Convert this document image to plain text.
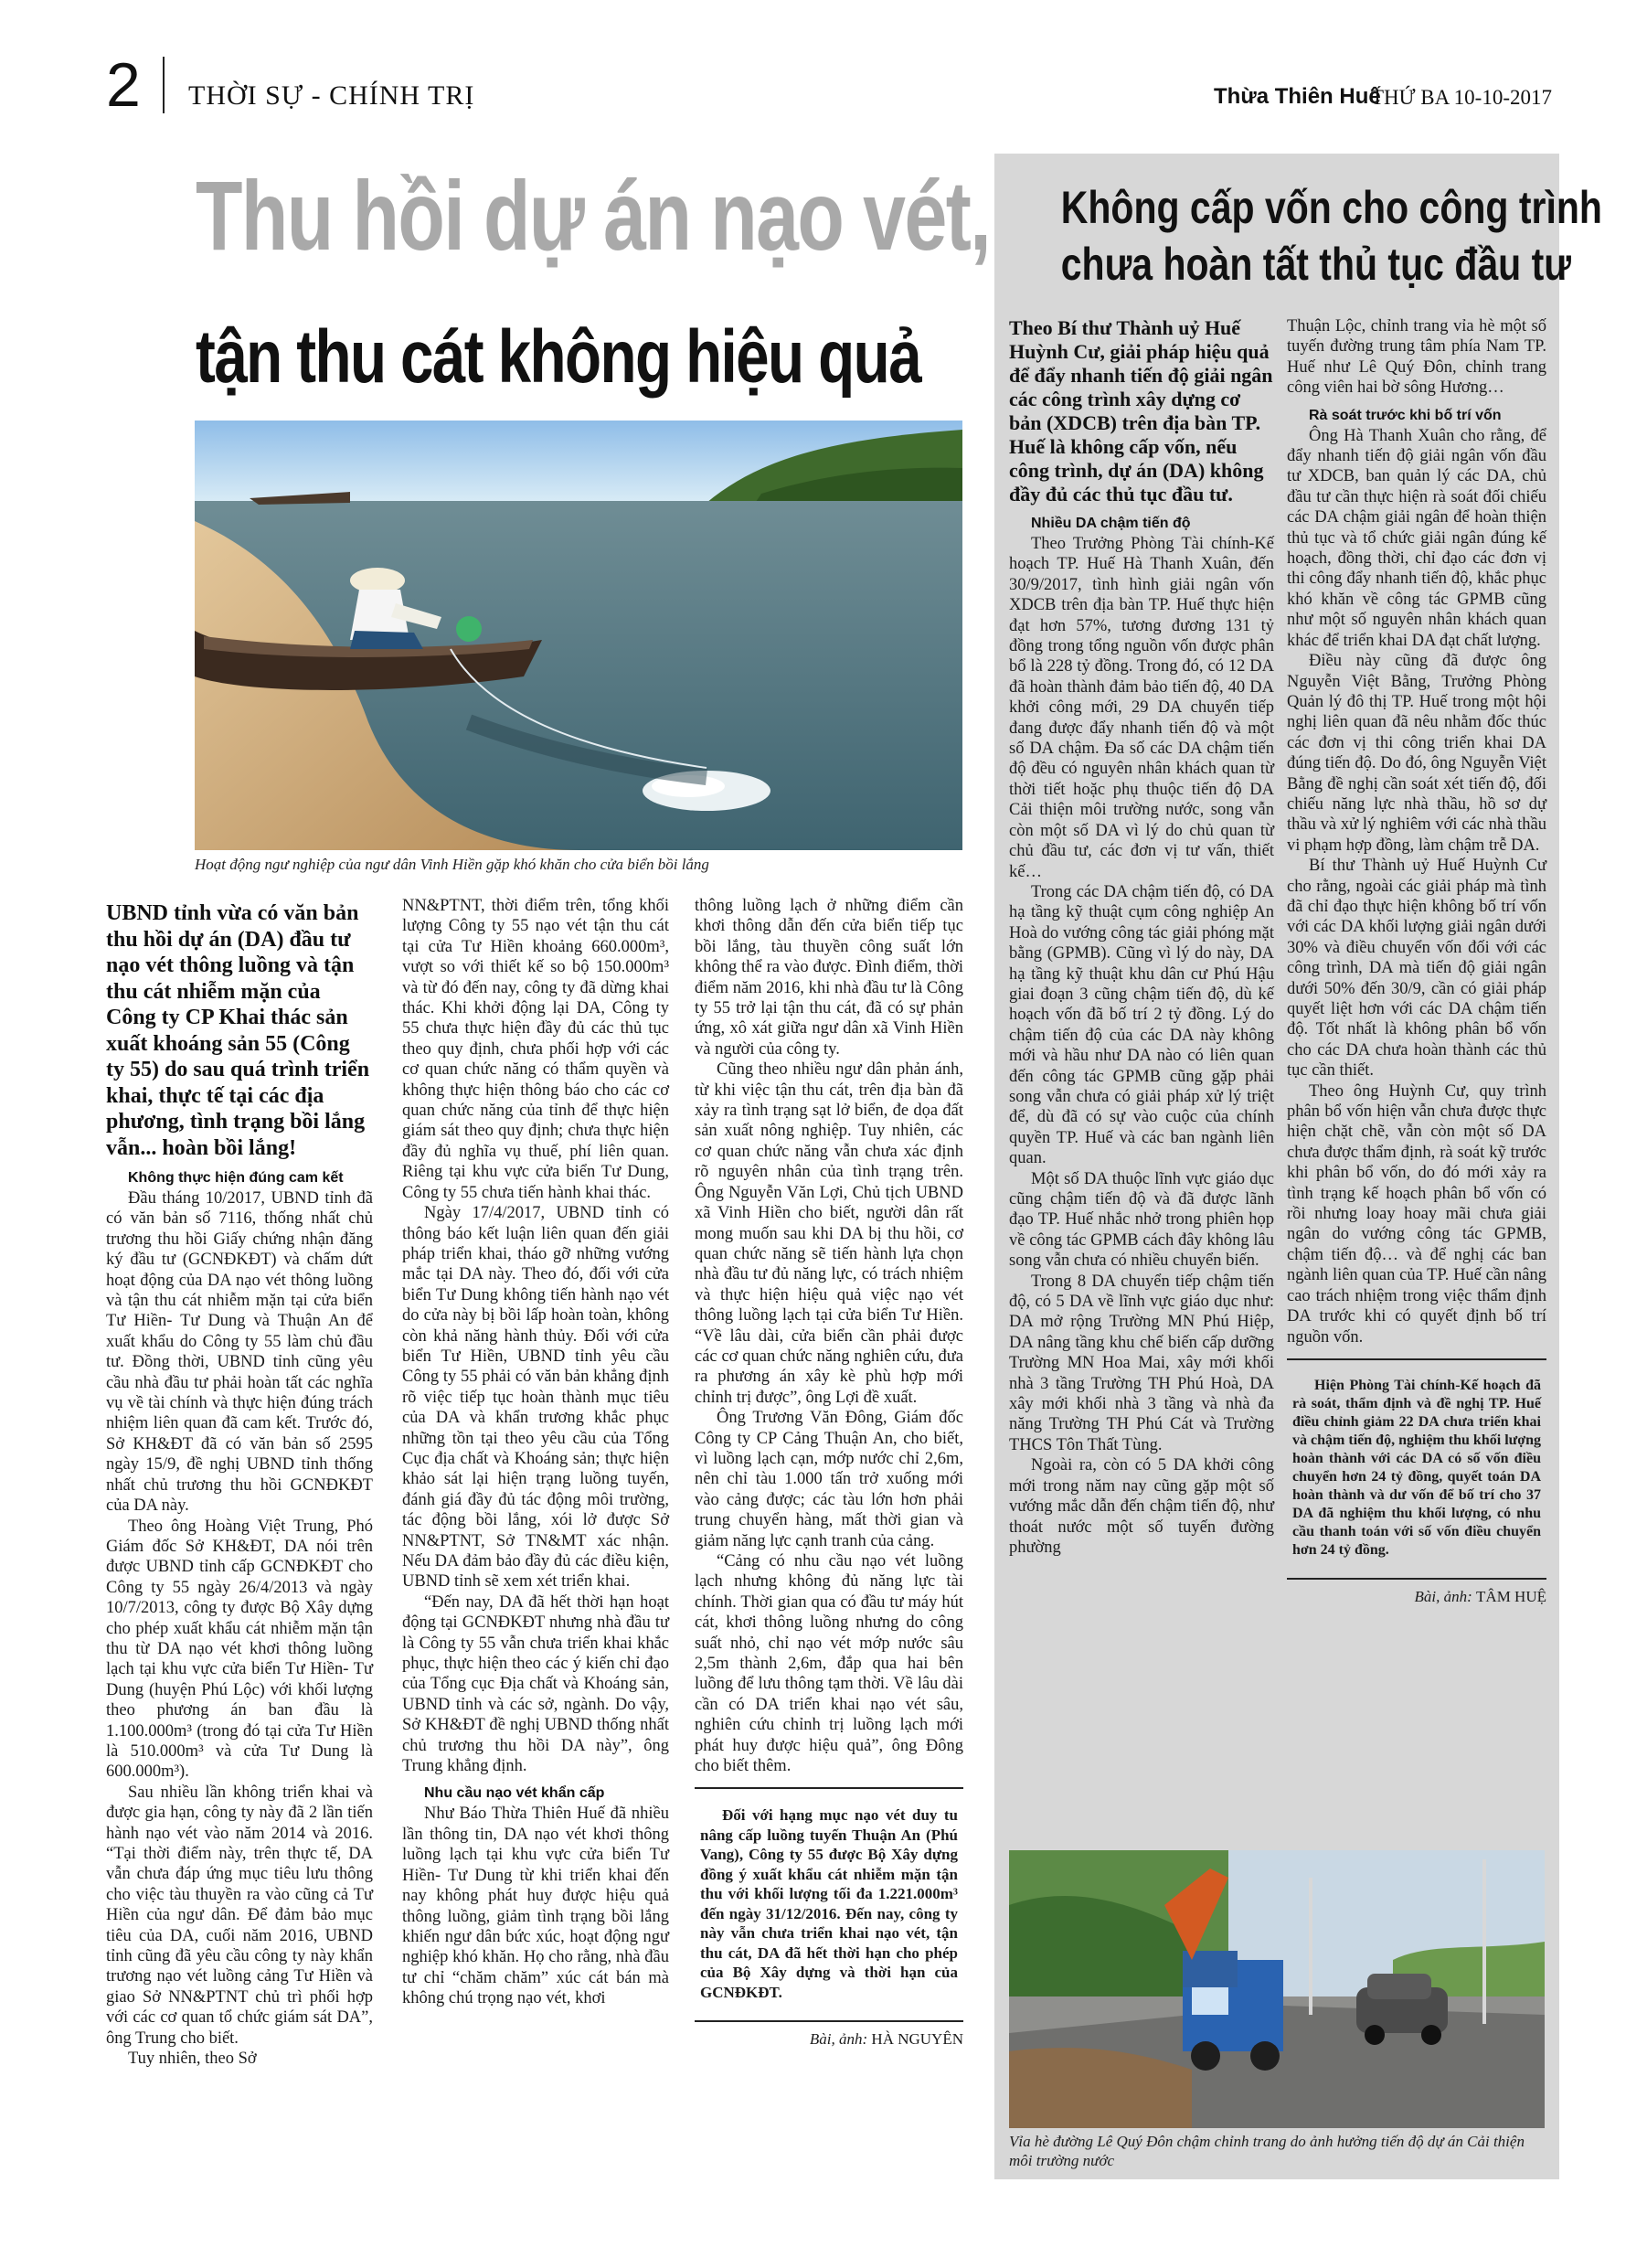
2 THỜI SỰ - CHÍNH TRỊ	Thừa Thiên Huế
THỨ BA 10-10-2017
Thu hồi dự án nạo vét,
tận thu cát không hiệu quả
Hoạt động ngư nghiệp của ngư dân Vinh Hiền gặp khó khăn cho cửa biển bồi lắng

UBND tỉnh vừa có văn bản thu hồi dự án (DA) đầu tư nạo vét thông luồng và tận thu cát nhiễm mặn của Công ty CP Khai thác sản xuất khoáng sản 55 (Công ty 55) do sau quá trình triển khai, thực tế tại các địa phương, tình trạng bồi lắng vẫn... hoàn bồi lắng!

Không thực hiện đúng cam kết

Đầu tháng 10/2017, UBND tỉnh đã có văn bản số 7116, thống nhất chủ trương thu hồi Giấy chứng nhận đăng ký đầu tư (GCNĐKĐT) và chấm dứt hoạt động của DA nạo vét thông luồng và tận thu cát nhiễm mặn tại cửa biển Tư Hiền- Tư Dung và Thuận An để xuất khẩu do Công ty 55 làm chủ đầu tư. Đồng thời, UBND tỉnh cũng yêu cầu nhà đầu tư phải hoàn tất các nghĩa vụ về tài chính và thực hiện đúng trách nhiệm liên quan đã cam kết. Trước đó, Sở KH&ĐT đã có văn bản số 2595 ngày 15/9, đề nghị UBND tỉnh thống nhất chủ trương thu hồi GCNĐKĐT của DA này.

Theo ông Hoàng Việt Trung, Phó Giám đốc Sở KH&ĐT, DA nói trên được UBND tỉnh cấp GCNĐKĐT cho Công ty 55 ngày 26/4/2013 và ngày 10/7/2013, công ty được Bộ Xây dựng cho phép xuất khẩu cát nhiễm mặn tận thu từ DA nạo vét khơi thông luồng lạch tại khu vực cửa biển Tư Hiền- Tư Dung (huyện Phú Lộc) với khối lượng theo phương án ban đầu là 1.100.000m³ (trong đó tại cửa Tư Hiền là 510.000m³ và cửa Tư Dung là 600.000m³).

Sau nhiều lần không triển khai và được gia hạn, công ty này đã 2 lần tiến hành nạo vét vào năm 2014 và 2016. “Tại thời điểm này, trên thực tế, DA vẫn chưa đáp ứng mục tiêu lưu thông cho việc tàu thuyền ra vào cũng cả Tư Hiền của ngư dân. Để đảm bảo mục tiêu của DA, cuối năm 2016, UBND tỉnh cũng đã yêu cầu công ty này khẩn trương nạo vét luồng cảng Tư Hiền và giao Sở NN&PTNT chủ trì phối hợp với các cơ quan tổ chức giám sát DA”, ông Trung cho biết.

Tuy nhiên, theo Sở

NN&PTNT, thời điểm trên, tổng khối lượng Công ty 55 nạo vét tận thu cát tại cửa Tư Hiền khoảng 660.000m³, vượt so với thiết kế so bộ 150.000m³ và từ đó đến nay, công ty đã dừng khai thác. Khi khởi động lại DA, Công ty 55 chưa thực hiện đầy đủ các thủ tục theo quy định, chưa phối hợp với các cơ quan chức năng có thẩm quyền và không thực hiện thông báo cho các cơ quan chức năng của tỉnh để thực hiện giám sát theo quy định; chưa thực hiện đầy đủ nghĩa vụ thuế, phí liên quan. Riêng tại khu vực cửa biển Tư Dung, Công ty 55 chưa tiến hành khai thác.

Ngày 17/4/2017, UBND tỉnh có thông báo kết luận liên quan đến giải pháp triển khai, tháo gỡ những vướng mắc tại DA này. Theo đó, đối với cửa biển Tư Dung không tiến hành nạo vét do cửa này bị bồi lấp hoàn toàn, không còn khả năng hành thủy. Đối với cửa biển Tư Hiền, UBND tỉnh yêu cầu Công ty 55 phải có văn bản khẳng định rõ việc tiếp tục hoàn thành mục tiêu của DA và khẩn trương khắc phục những tồn tại theo yêu cầu của Tổng Cục địa chất và Khoáng sản; thực hiện khảo sát lại hiện trạng luồng tuyến, đánh giá đầy đủ tác động môi trường, tác động bồi lắng, xói lở được Sở NN&PTNT, Sở TN&MT xác nhận. Nếu DA đảm bảo đầy đủ các điều kiện, UBND tỉnh sẽ xem xét triển khai.

“Đến nay, DA đã hết thời hạn hoạt động tại GCNĐKĐT nhưng nhà đầu tư là Công ty 55 vẫn chưa triển khai khắc phục, thực hiện theo các ý kiến chỉ đạo của Tổng cục Địa chất và Khoáng sản, UBND tỉnh và các sở, ngành. Do vậy, Sở KH&ĐT đề nghị UBND thống nhất chủ trương thu hồi DA này”, ông Trung khẳng định.

Nhu cầu nạo vét khẩn cấp

Như Báo Thừa Thiên Huế đã nhiều lần thông tin, DA nạo vét khơi thông luồng lạch tại khu vực cửa biển Tư Hiền- Tư Dung từ khi triển khai đến nay không phát huy được hiệu quả thông luồng, giảm tình trạng bồi lắng khiến ngư dân bức xúc, hoạt động ngư nghiệp khó khăn. Họ cho rằng, nhà đầu tư chỉ “chăm chăm” xúc cát bán mà không chú trọng nạo vét, khơi

thông luồng lạch ở những điểm cần khơi thông dẫn đến cửa biển tiếp tục bồi lắng, tàu thuyền công suất lớn không thể ra vào được. Đình điểm, thời điểm năm 2016, khi nhà đầu tư là Công ty 55 trở lại tận thu cát, đã có sự phản ứng, xô xát giữa ngư dân xã Vinh Hiền và người của công ty.

Cũng theo nhiều ngư dân phản ánh, từ khi việc tận thu cát, trên địa bàn đã xảy ra tình trạng sạt lở biển, đe dọa đất sản xuất nông nghiệp. Tuy nhiên, các cơ quan chức năng vẫn chưa xác định rõ nguyên nhân của tình trạng trên. Ông Nguyễn Văn Lợi, Chủ tịch UBND xã Vinh Hiền cho biết, người dân rất mong muốn sau khi DA bị thu hồi, cơ quan chức năng sẽ tiến hành lựa chọn nhà đầu tư đủ năng lực, có trách nhiệm và thực hiện hiệu quả việc nạo vét thông luồng lạch tại cửa biển Tư Hiền. “Về lâu dài, cửa biển cần phải được các cơ quan chức năng nghiên cứu, đưa ra phương án xây kè phù hợp mới chỉnh trị được”, ông Lợi đề xuất.

Ông Trương Văn Đông, Giám đốc Công ty CP Cảng Thuận An, cho biết, vì luồng lạch cạn, mớp nước chỉ 2,6m, nên chỉ tàu 1.000 tấn trở xuống mới vào cảng được; các tàu lớn hơn phải trung chuyển hàng, mất thời gian và giảm năng lực cạnh tranh của cảng.

“Cảng có nhu cầu nạo vét luồng lạch nhưng không đủ năng lực tài chính. Thời gian qua có đầu tư máy hút cát, khơi thông luồng nhưng do công suất nhỏ, chỉ nạo vét mớp nước sâu 2,5m thành 2,6m, đắp qua hai bên luồng để lưu thông tạm thời. Về lâu dài cần có DA triển khai nạo vét sâu, nghiên cứu chỉnh trị luồng lạch mới phát huy được hiệu quả”, ông Đông cho biết thêm.

Đối với hạng mục nạo vét duy tu nâng cấp luồng tuyến Thuận An (Phú Vang), Công ty 55 được Bộ Xây dựng đồng ý xuất khẩu cát nhiễm mặn tận thu với khối lượng tối đa 1.221.000m³ đến ngày 31/12/2016. Đến nay, công ty này vẫn chưa triển khai nạo vét, tận thu cát, DA đã hết thời hạn cho phép của Bộ Xây dựng và thời hạn của GCNĐKĐT.

Bài, ảnh: HÀ NGUYÊN
Không cấp vốn cho công trình
chưa hoàn tất thủ tục đầu tư

Theo Bí thư Thành uỷ Huế Huỳnh Cư, giải pháp hiệu quả để đẩy nhanh tiến độ giải ngân các công trình xây dựng cơ bản (XDCB) trên địa bàn TP. Huế là không cấp vốn, nếu công trình, dự án (DA) không đầy đủ các thủ tục đầu tư.

Nhiều DA chậm tiến độ

Theo Trưởng Phòng Tài chính-Kế hoạch TP. Huế Hà Thanh Xuân, đến 30/9/2017, tình hình giải ngân vốn XDCB trên địa bàn TP. Huế thực hiện đạt hơn 57%, tương đương 131 tỷ đồng trong tổng nguồn vốn được phân bổ là 228 tỷ đồng. Trong đó, có 12 DA đã hoàn thành đảm bảo tiến độ, 40 DA khởi công mới, 29 DA chuyển tiếp đang được đẩy nhanh tiến độ và một số DA chậm. Đa số các DA chậm tiến độ đều có nguyên nhân khách quan từ thời tiết hoặc phụ thuộc tiến độ DA Cải thiện môi trường nước, song vẫn còn một số DA vì lý do chủ quan từ chủ đầu tư, các đơn vị tư vấn, thiết kế…

Trong các DA chậm tiến độ, có DA hạ tầng kỹ thuật cụm công nghiệp An Hoà do vướng công tác giải phóng mặt bằng (GPMB). Cũng vì lý do này, DA hạ tầng kỹ thuật khu dân cư Phú Hậu giai đoạn 3 cũng chậm tiến độ, dù kế hoạch vốn đã bố trí 2 tỷ đồng. Lý do chậm tiến độ của các DA này không mới và hầu như DA nào có liên quan đến công tác GPMB cũng gặp phải song vẫn chưa có giải pháp xử lý triệt để, dù đã có sự vào cuộc của chính quyền TP. Huế và các ban ngành liên quan.

Một số DA thuộc lĩnh vực giáo dục cũng chậm tiến độ và đã được lãnh đạo TP. Huế nhắc nhở trong phiên họp về công tác GPMB cách đây không lâu song vẫn chưa có nhiều chuyển biến.

Trong 8 DA chuyển tiếp chậm tiến độ, có 5 DA về lĩnh vực giáo dục như: DA mở rộng Trường MN Phú Hiệp, DA nâng tầng khu chế biến cấp dưỡng Trường MN Hoa Mai, xây mới khối nhà 3 tầng Trường TH Phú Hoà, DA xây mới khối nhà 3 tầng và nhà đa năng Trường TH Phú Cát và Trường THCS Tôn Thất Tùng.

Ngoài ra, còn có 5 DA khởi công mới trong năm nay cũng gặp một số vướng mắc dẫn đến chậm tiến độ, như thoát nước một số tuyến đường phường

Thuận Lộc, chỉnh trang vỉa hè một số tuyến đường trung tâm phía Nam TP. Huế như Lê Quý Đôn, chỉnh trang công viên hai bờ sông Hương…

Rà soát trước khi bố trí vốn

Ông Hà Thanh Xuân cho rằng, để đẩy nhanh tiến độ giải ngân vốn đầu tư XDCB, ban quản lý các DA, chủ đầu tư cần thực hiện rà soát đối chiếu các DA chậm giải ngân để hoàn thiện thủ tục và tổ chức giải ngân đúng kế hoạch, đồng thời, chỉ đạo các đơn vị thi công đẩy nhanh tiến độ, khắc phục khó khăn về công tác GPMB cũng như một số nguyên nhân khách quan khác để triển khai DA đạt chất lượng.

Điều này cũng đã được ông Nguyễn Việt Bằng, Trưởng Phòng Quản lý đô thị TP. Huế trong một hội nghị liên quan đã nêu nhằm đốc thúc các đơn vị thi công triển khai DA đúng tiến độ. Do đó, ông Nguyễn Việt Bằng đề nghị cần soát xét tiến độ, đối chiếu năng lực nhà thầu, hồ sơ dự thầu và xử lý nghiêm với các nhà thầu vi phạm hợp đồng, làm chậm trễ DA.

Bí thư Thành uỷ Huế Huỳnh Cư cho rằng, ngoài các giải pháp mà tình đã chỉ đạo thực hiện không bố trí vốn với các DA khối lượng giải ngân dưới 30% và điều chuyển vốn đối với các công trình, DA mà tiến độ giải ngân dưới 50% đến 30/9, cần có giải pháp quyết liệt hơn với các DA chậm tiến độ. Tốt nhất là không phân bổ vốn cho các DA chưa hoàn thành các thủ tục cần thiết.

Theo ông Huỳnh Cư, quy trình phân bổ vốn hiện vẫn chưa được thực hiện chặt chẽ, vẫn còn một số DA chưa được thẩm định, rà soát kỹ trước khi phân bổ vốn, do đó mới xảy ra tình trạng kế hoạch phân bổ vốn có rồi nhưng loay hoay mãi chưa giải ngân do vướng công tác GPMB, chậm tiến độ… và để nghị các ban ngành liên quan của TP. Huế cần nâng cao trách nhiệm trong việc thẩm định DA trước khi có quyết định bố trí nguồn vốn.

Hiện Phòng Tài chính-Kế hoạch đã rà soát, thẩm định và đề nghị TP. Huế điều chỉnh giảm 22 DA chưa triển khai và chậm tiến độ, nghiệm thu khối lượng hoàn thành với các DA có số vốn điều chuyển hơn 24 tỷ đồng, quyết toán DA hoàn thành và dư vốn để bố trí cho 37 DA đã nghiệm thu khối lượng, có nhu cầu thanh toán với số vốn điều chuyển hơn 24 tỷ đồng.

Bài, ảnh: TÂM HUỆ
Vỉa hè đường Lê Quý Đôn chậm chỉnh trang do ảnh hưởng tiến độ dự án Cải thiện môi trường nước
